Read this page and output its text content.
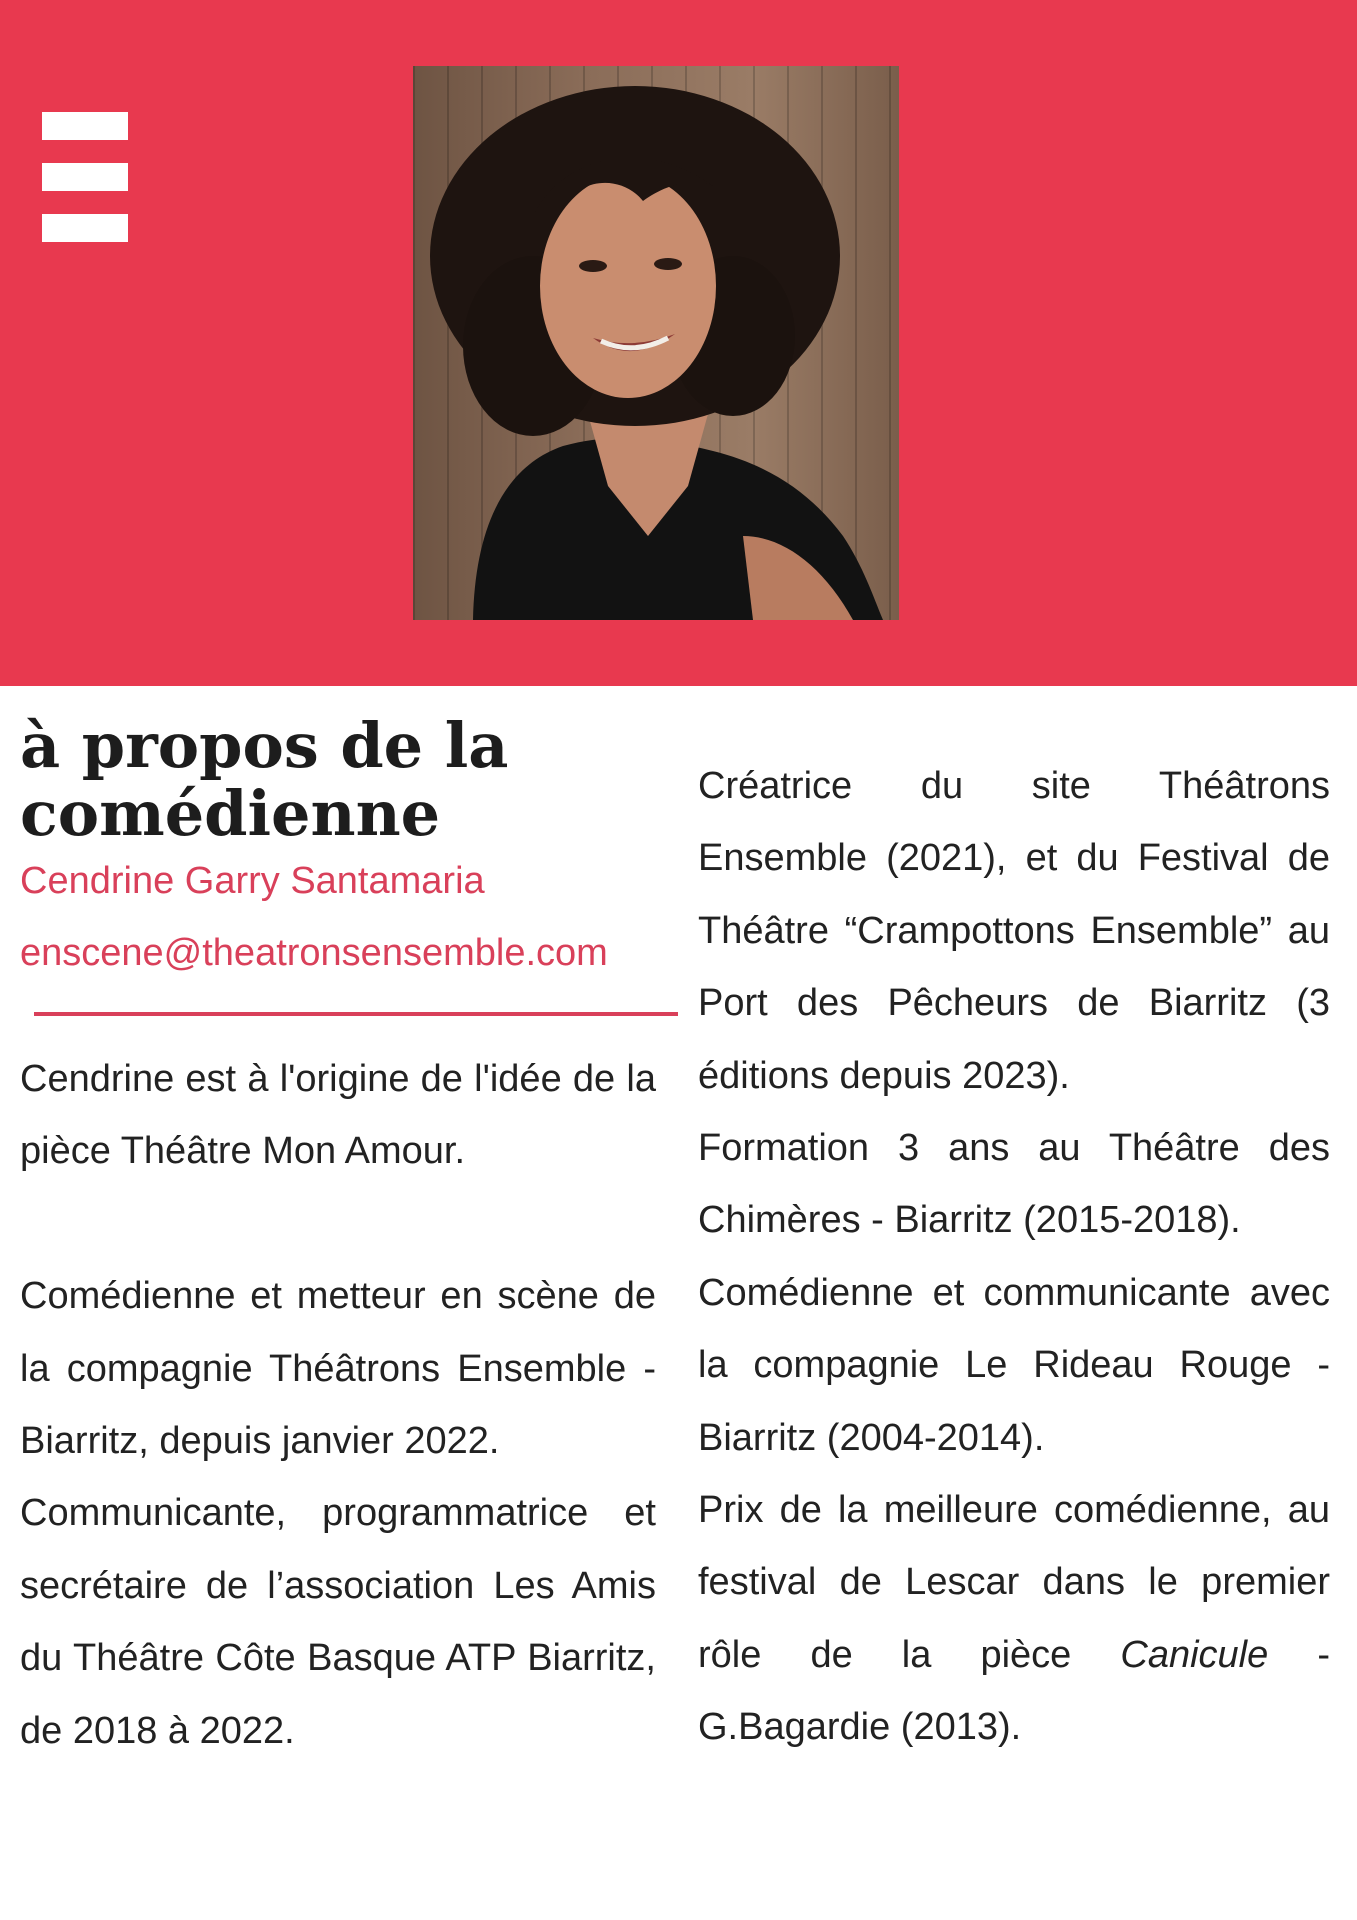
à propos de la comédienne
Cendrine Garry Santamaria
enscene@theatronsensemble.com

Cendrine est à l'origine de l'idée de la pièce Théâtre Mon Amour.

Comédienne et metteur en scène de la compagnie Théâtrons Ensemble - Biarritz, depuis janvier 2022.

Communicante, programmatrice et secrétaire de l’association Les Amis du Théâtre Côte Basque ATP Biarritz, de 2018 à 2022.

Créatrice du site Théâtrons Ensemble (2021), et du Festival de Théâtre “Crampottons Ensemble” au Port des Pêcheurs de Biarritz (3 éditions depuis 2023).

Formation 3 ans au Théâtre des Chimères - Biarritz (2015-2018).

Comédienne et communicante avec la compagnie Le Rideau Rouge - Biarritz (2004-2014).

Prix de la meilleure comédienne, au festival de Lescar dans le premier rôle de la pièce Canicule - G.Bagardie (2013).
